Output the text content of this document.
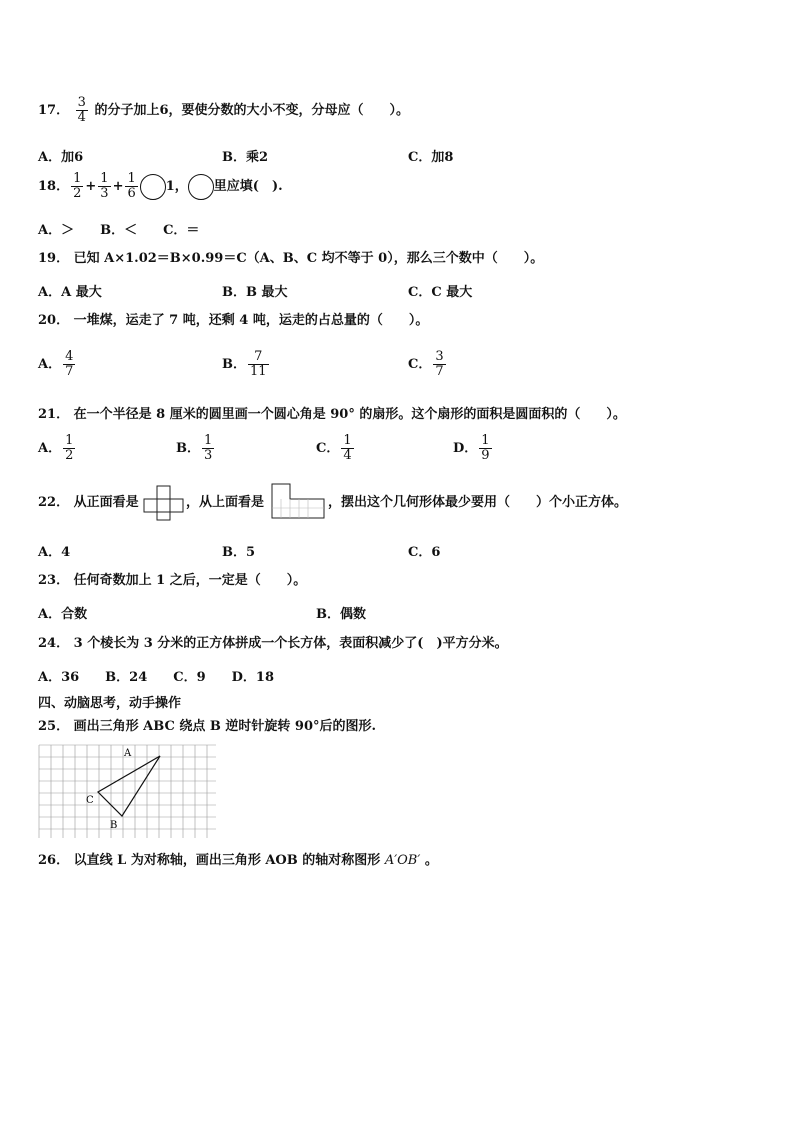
17． $\frac{3}{4}$ 的分子加上6，要使分数的大小不变，分母应（　　）。
A．加6	B．乘2	C．加8
18． $\frac{1}{2} + \frac{1}{3} + \frac{1}{6} 1$， 里应填(　).
A．＞　　B．＜　　C．＝
19． 已知 A×1.02＝B×0.99＝C（A、B、C 均不等于 0），那么三个数中（　　）。
A．A 最大	B．B 最大	C．C 最大
20． 一堆煤，运走了 7 吨，还剩 4 吨，运走的占总量的（　　）。
A． $\frac{4}{7}$	B． $\frac{7}{11}$	C． $\frac{3}{7}$
21． 在一个半径是 8 厘米的圆里画一个圆心角是 90° 的扇形。这个扇形的面积是圆面积的（　　）。
A． $\frac{1}{2}$	B． $\frac{1}{3}$	C． $\frac{1}{4}$	D． $\frac{1}{9}$
22． 从正面看是	，从上面看是	，摆出这个几何形体最少要用（　　）个小正方体。
A．4	B．5	C．6
23． 任何奇数加上 1 之后，一定是（　　）。
A．合数	B．偶数
24． 3 个棱长为 3 分米的正方体拼成一个长方体，表面积减少了(　)平方分米。
A．36　　B．24　　C．9　　D．18
四、动脑思考，动手操作
25． 画出三角形 ABC 绕点 B 逆时针旋转 90°后的图形.
A
C
B
26． 以直线 L 为对称轴，画出三角形 AOB 的轴对称图形 A′OB′ 。
